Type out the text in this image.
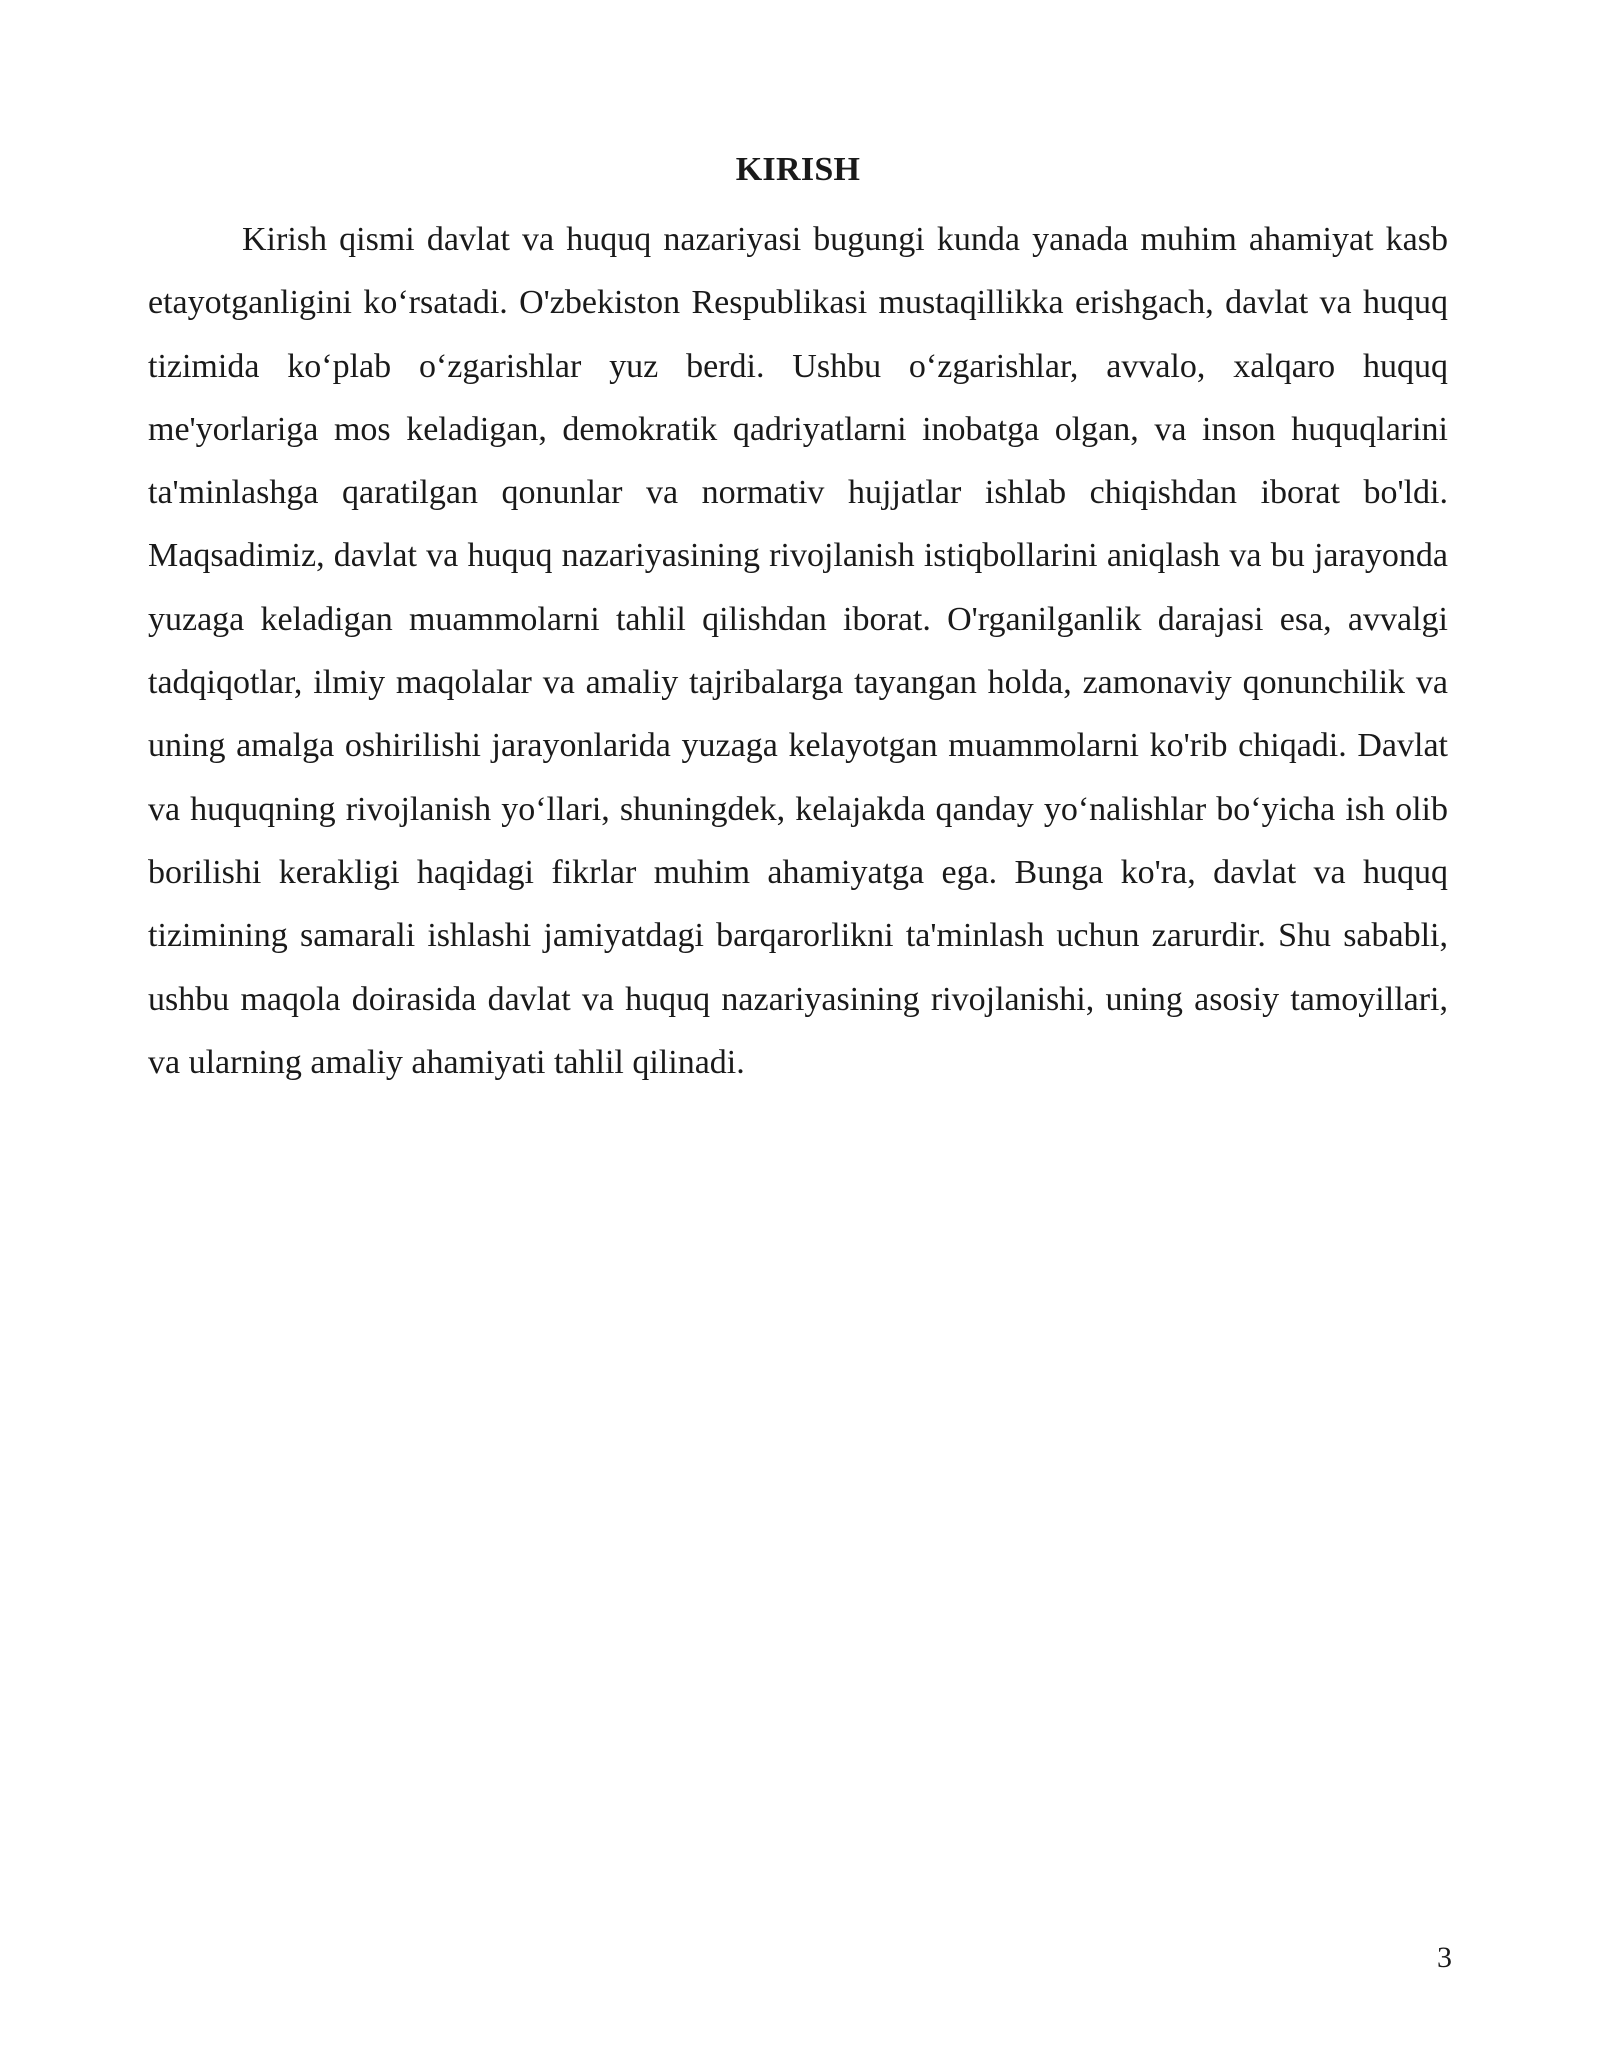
KIRISH

Kirish qismi davlat va huquq nazariyasi bugungi kunda yanada muhim ahamiyat kasb etayotganligini ko‘rsatadi. O'zbekiston Respublikasi mustaqillikka erishgach, davlat va huquq tizimida ko‘plab o‘zgarishlar yuz berdi. Ushbu o‘zgarishlar, avvalo, xalqaro huquq me'yorlariga mos keladigan, demokratik qadriyatlarni inobatga olgan, va inson huquqlarini ta'minlashga qaratilgan qonunlar va normativ hujjatlar ishlab chiqishdan iborat bo'ldi. Maqsadimiz, davlat va huquq nazariyasining rivojlanish istiqbollarini aniqlash va bu jarayonda yuzaga keladigan muammolarni tahlil qilishdan iborat. O'rganilganlik darajasi esa, avvalgi tadqiqotlar, ilmiy maqolalar va amaliy tajribalarga tayangan holda, zamonaviy qonunchilik va uning amalga oshirilishi jarayonlarida yuzaga kelayotgan muammolarni ko'rib chiqadi. Davlat va huquqning rivojlanish yo‘llari, shuningdek, kelajakda qanday yo‘nalishlar bo‘yicha ish olib borilishi kerakligi haqidagi fikrlar muhim ahamiyatga ega. Bunga ko'ra, davlat va huquq tizimining samarali ishlashi jamiyatdagi barqarorlikni ta'minlash uchun zarurdir. Shu sababli, ushbu maqola doirasida davlat va huquq nazariyasining rivojlanishi, uning asosiy tamoyillari, va ularning amaliy ahamiyati tahlil qilinadi.

3
